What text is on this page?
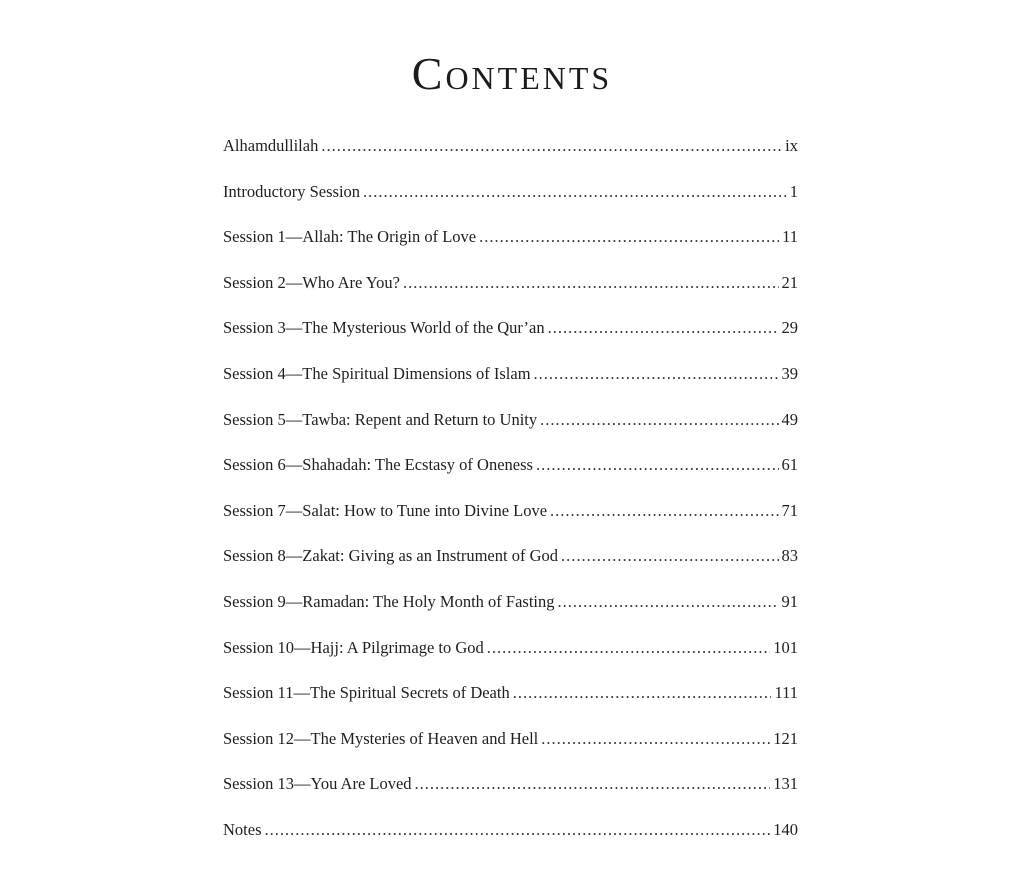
Contents
Alhamdullilah .....	ix
Introductory Session .....	1
Session 1—Allah: The Origin of Love .....	11
Session 2—Who Are You? .....	21
Session 3—The Mysterious World of the Qur’an .....	29
Session 4—The Spiritual Dimensions of Islam .....	39
Session 5—Tawba: Repent and Return to Unity .....	49
Session 6—Shahadah: The Ecstasy of Oneness .....	61
Session 7—Salat: How to Tune into Divine Love .....	71
Session 8—Zakat: Giving as an Instrument of God .....	83
Session 9—Ramadan: The Holy Month of Fasting .....	91
Session 10—Hajj: A Pilgrimage to God .....	101
Session 11—The Spiritual Secrets of Death .....	111
Session 12—The Mysteries of Heaven and Hell .....	121
Session 13—You Are Loved .....	131
Notes .....	140
